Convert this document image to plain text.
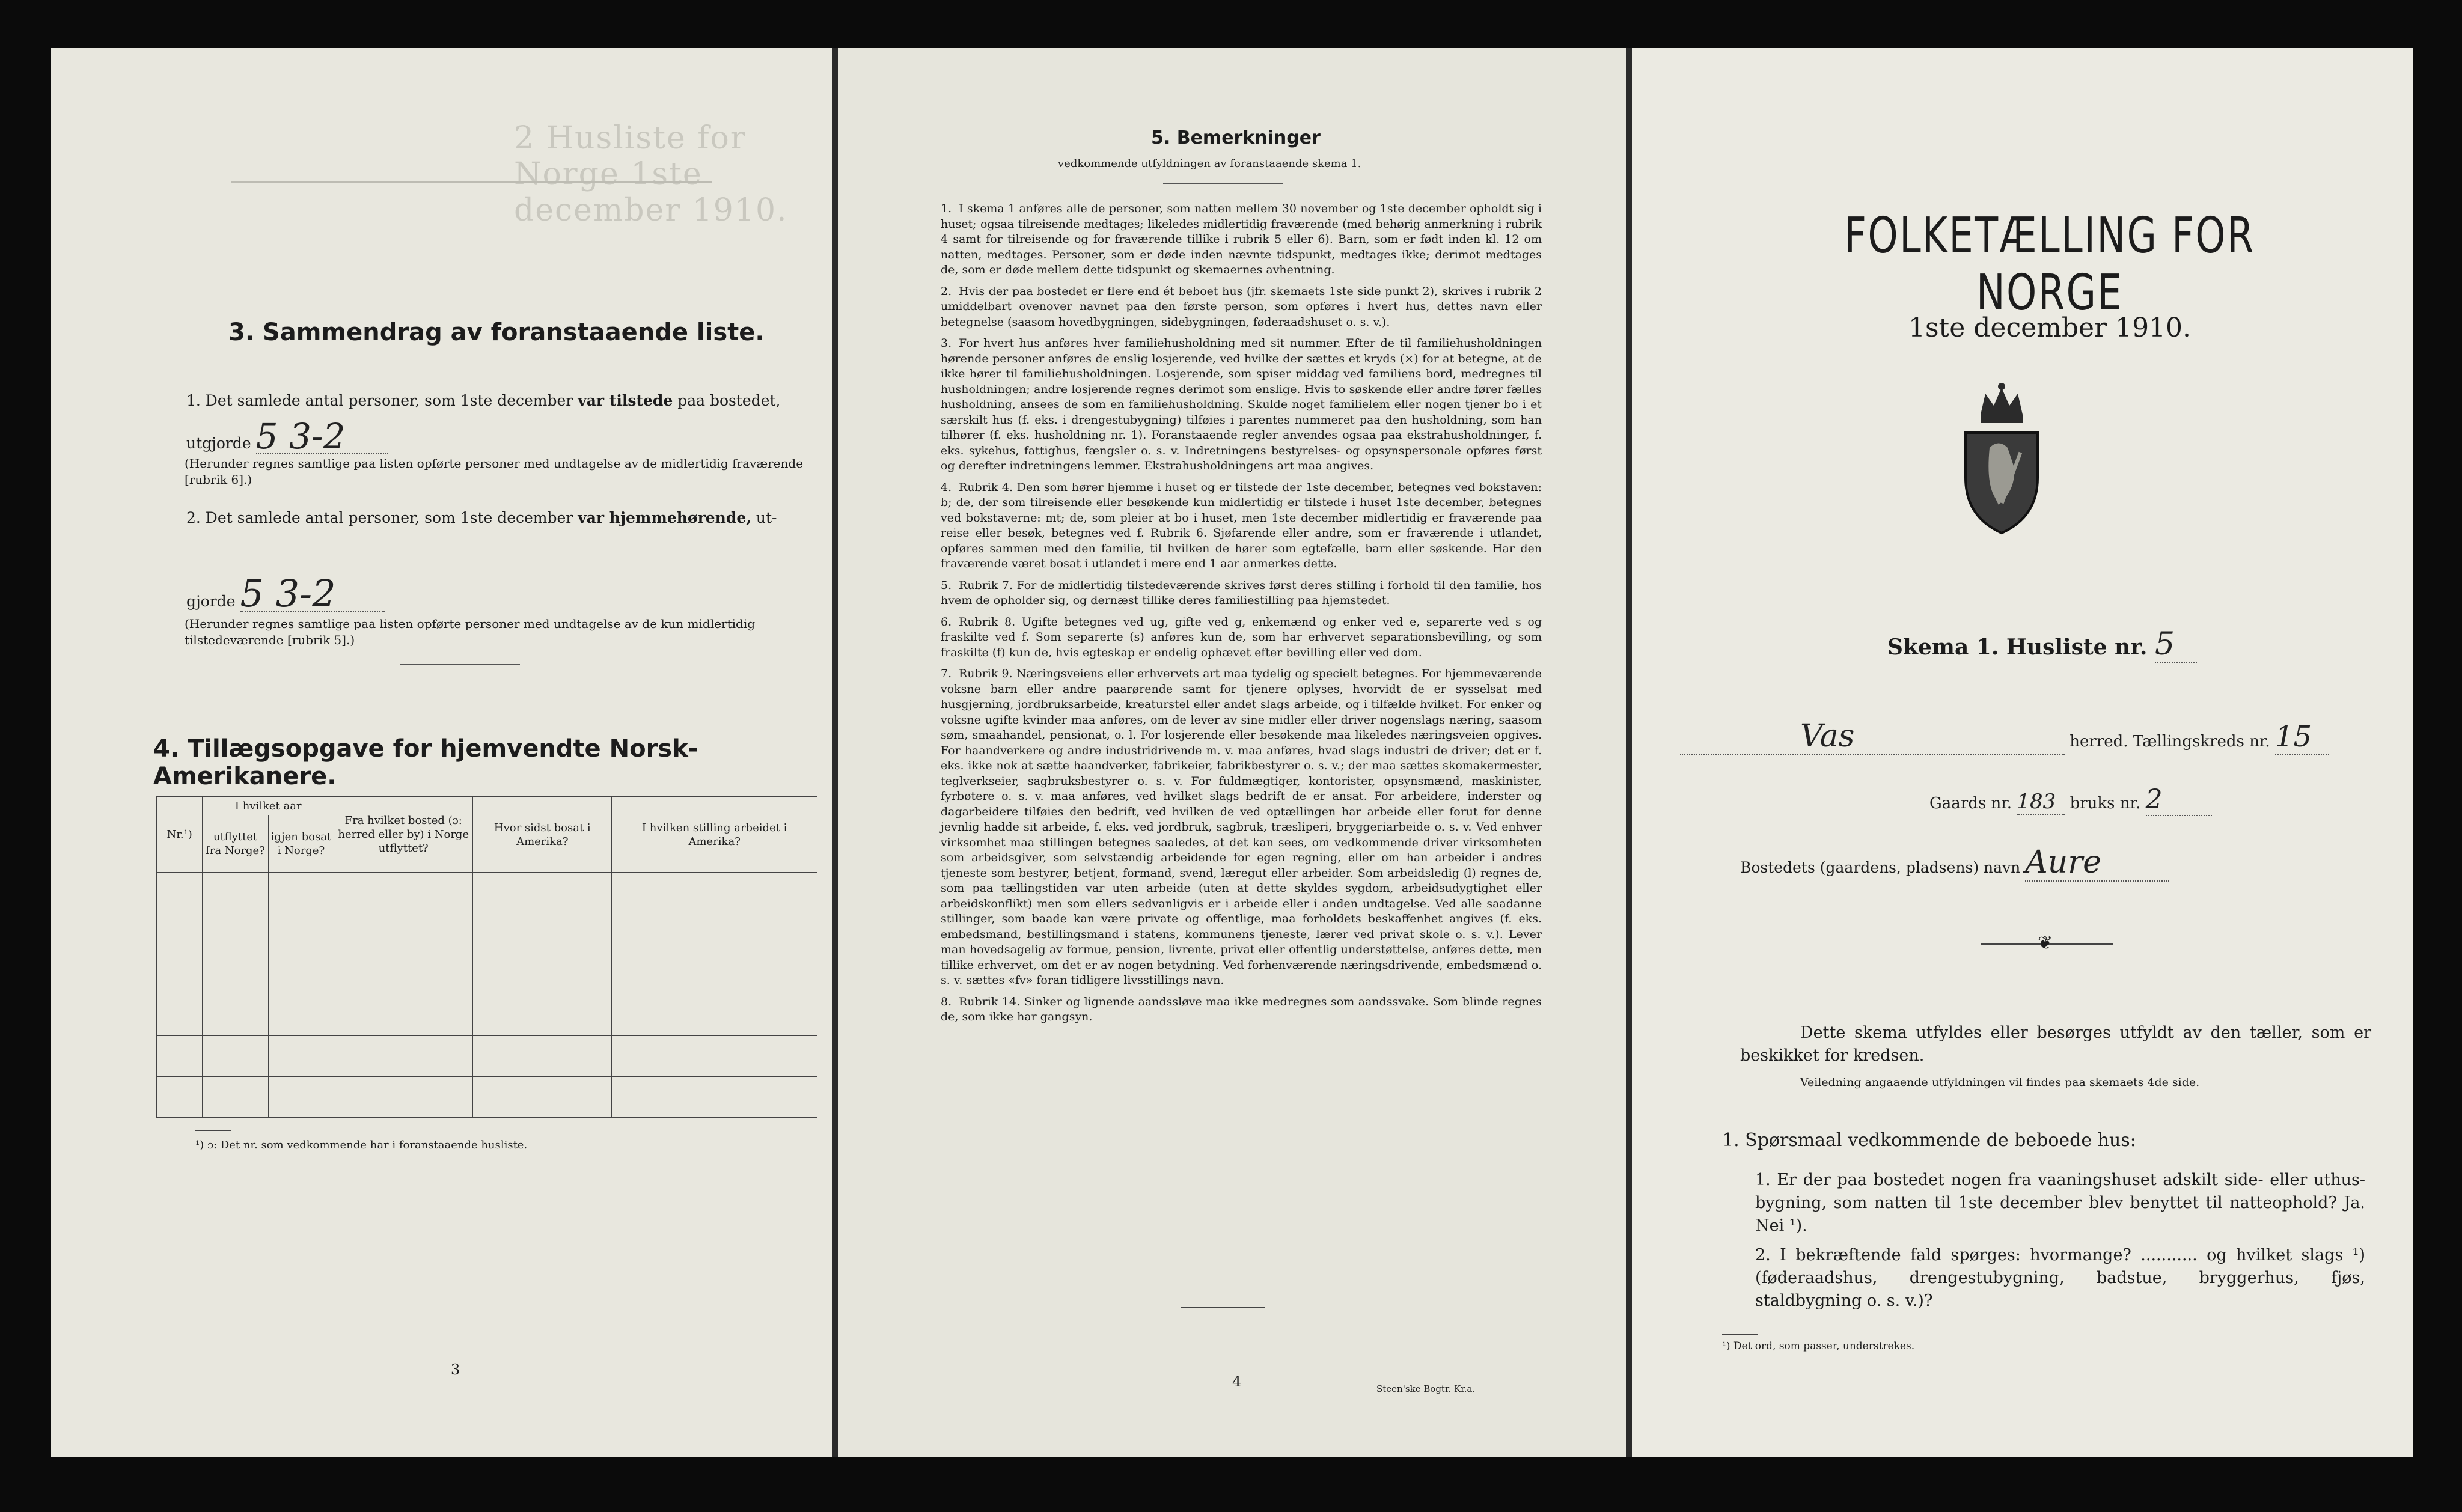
2 Husliste for Norge 1ste december 1910.
3. Sammendrag av foranstaaende liste.
1. Det samlede antal personer, som 1ste december var tilstede paa bostedet,
utgjorde 5 3-2
(Herunder regnes samtlige paa listen opførte personer med undtagelse av de midlertidig fraværende [rubrik 6].)
2. Det samlede antal personer, som 1ste december var hjemmehørende, ut-
gjorde 5 3-2
(Herunder regnes samtlige paa listen opførte personer med undtagelse av de kun midlertidig tilstedeværende [rubrik 5].)
4. Tillægsopgave for hjemvendte Norsk-Amerikanere.
Nr.¹)	I hvilket aar		Fra hvilket bosted (ɔ: herred eller by) i Norge utflyttet?	Hvor sidst bosat i Amerika?	I hvilken stilling arbeidet i Amerika?
	utflyttet fra Norge?	igjen bosat i Norge?			

¹) ɔ: Det nr. som vedkommende har i foranstaaende husliste.
3
5. Bemerkninger
vedkommende utfyldningen av foranstaaende skema 1.
1. I skema 1 anføres alle de personer, som natten mellem 30 november og 1ste december opholdt sig i huset; ogsaa tilreisende medtages; likeledes midlertidig fraværende (med behørig anmerkning i rubrik 4 samt for tilreisende og for fraværende tillike i rubrik 5 eller 6). Barn, som er født inden kl. 12 om natten, medtages. Personer, som er døde inden nævnte tidspunkt, medtages ikke; derimot medtages de, som er døde mellem dette tidspunkt og skemaernes avhentning.
2. Hvis der paa bostedet er flere end ét beboet hus (jfr. skemaets 1ste side punkt 2), skrives i rubrik 2 umiddelbart ovenover navnet paa den første person, som opføres i hvert hus, dettes navn eller betegnelse (saasom hovedbygningen, sidebygningen, føderaadshuset o. s. v.).
3. For hvert hus anføres hver familiehusholdning med sit nummer. Efter de til familiehusholdningen hørende personer anføres de enslig losjerende, ved hvilke der sættes et kryds (×) for at betegne, at de ikke hører til familiehusholdningen. Losjerende, som spiser middag ved familiens bord, medregnes til husholdningen; andre losjerende regnes derimot som enslige. Hvis to søskende eller andre fører fælles husholdning, ansees de som en familiehusholdning. Skulde noget familielem eller nogen tjener bo i et særskilt hus (f. eks. i drengestubygning) tilføies i parentes nummeret paa den husholdning, som han tilhører (f. eks. husholdning nr. 1). Foranstaaende regler anvendes ogsaa paa ekstrahusholdninger, f. eks. sykehus, fattighus, fængsler o. s. v. Indretningens bestyrelses- og opsynspersonale opføres først og derefter indretningens lemmer. Ekstrahusholdningens art maa angives.
4. Rubrik 4. Den som hører hjemme i huset og er tilstede der 1ste december, betegnes ved bokstaven: b; de, der som tilreisende eller besøkende kun midlertidig er tilstede i huset 1ste december, betegnes ved bokstaverne: mt; de, som pleier at bo i huset, men 1ste december midlertidig er fraværende paa reise eller besøk, betegnes ved f. Rubrik 6. Sjøfarende eller andre, som er fraværende i utlandet, opføres sammen med den familie, til hvilken de hører som egtefælle, barn eller søskende. Har den fraværende været bosat i utlandet i mere end 1 aar anmerkes dette.
5. Rubrik 7. For de midlertidig tilstedeværende skrives først deres stilling i forhold til den familie, hos hvem de opholder sig, og dernæst tillike deres familiestilling paa hjemstedet.
6. Rubrik 8. Ugifte betegnes ved ug, gifte ved g, enkemænd og enker ved e, separerte ved s og fraskilte ved f. Som separerte (s) anføres kun de, som har erhvervet separationsbevilling, og som fraskilte (f) kun de, hvis egteskap er endelig ophævet efter bevilling eller ved dom.
7. Rubrik 9. Næringsveiens eller erhvervets art maa tydelig og specielt betegnes. For hjemmeværende voksne barn eller andre paarørende samt for tjenere oplyses, hvorvidt de er sysselsat med husgjerning, jordbruksarbeide, kreaturstel eller andet slags arbeide, og i tilfælde hvilket. For enker og voksne ugifte kvinder maa anføres, om de lever av sine midler eller driver nogenslags næring, saasom søm, smaahandel, pensionat, o. l. For losjerende eller besøkende maa likeledes næringsveien opgives. For haandverkere og andre industridrivende m. v. maa anføres, hvad slags industri de driver; det er f. eks. ikke nok at sætte haandverker, fabrikeier, fabrikbestyrer o. s. v.; der maa sættes skomakermester, teglverkseier, sagbruksbestyrer o. s. v. For fuldmægtiger, kontorister, opsynsmænd, maskinister, fyrbøtere o. s. v. maa anføres, ved hvilket slags bedrift de er ansat. For arbeidere, inderster og dagarbeidere tilføies den bedrift, ved hvilken de ved optællingen har arbeide eller forut for denne jevnlig hadde sit arbeide, f. eks. ved jordbruk, sagbruk, træsliperi, bryggeriarbeide o. s. v. Ved enhver virksomhet maa stillingen betegnes saaledes, at det kan sees, om vedkommende driver virksomheten som arbeidsgiver, som selvstændig arbeidende for egen regning, eller om han arbeider i andres tjeneste som bestyrer, betjent, formand, svend, læregut eller arbeider. Som arbeidsledig (l) regnes de, som paa tællingstiden var uten arbeide (uten at dette skyldes sygdom, arbeidsudygtighet eller arbeidskonflikt) men som ellers sedvanligvis er i arbeide eller i anden undtagelse. Ved alle saadanne stillinger, som baade kan være private og offentlige, maa forholdets beskaffenhet angives (f. eks. embedsmand, bestillingsmand i statens, kommunens tjeneste, lærer ved privat skole o. s. v.). Lever man hovedsagelig av formue, pension, livrente, privat eller offentlig understøttelse, anføres dette, men tillike erhvervet, om det er av nogen betydning. Ved forhenværende næringsdrivende, embedsmænd o. s. v. sættes «fv» foran tidligere livsstillings navn.
8. Rubrik 14. Sinker og lignende aandssløve maa ikke medregnes som aandssvake. Som blinde regnes de, som ikke har gangsyn.
4	Steen'ske Bogtr. Kr.a.
FOLKETÆLLING FOR NORGE
1ste december 1910.
Skema 1. Husliste nr. 5
Vas	herred. Tællingskreds nr. 15
Gaards nr. 183 bruks nr. 2
Bostedets (gaardens, pladsens) navn Aure
❦
Dette skema utfyldes eller besørges utfyldt av den tæller, som er beskikket for kredsen.
Veiledning angaaende utfyldningen vil findes paa skemaets 4de side.
1. Spørsmaal vedkommende de beboede hus:
1. Er der paa bostedet nogen fra vaaningshuset adskilt side- eller uthus-bygning, som natten til 1ste december blev benyttet til natteophold? Ja. Nei ¹).
2. I bekræftende fald spørges: hvormange? ........... og hvilket slags ¹) (føderaadshus, drengestubygning, badstue, bryggerhus, fjøs, staldbygning o. s. v.)?
¹) Det ord, som passer, understrekes.
